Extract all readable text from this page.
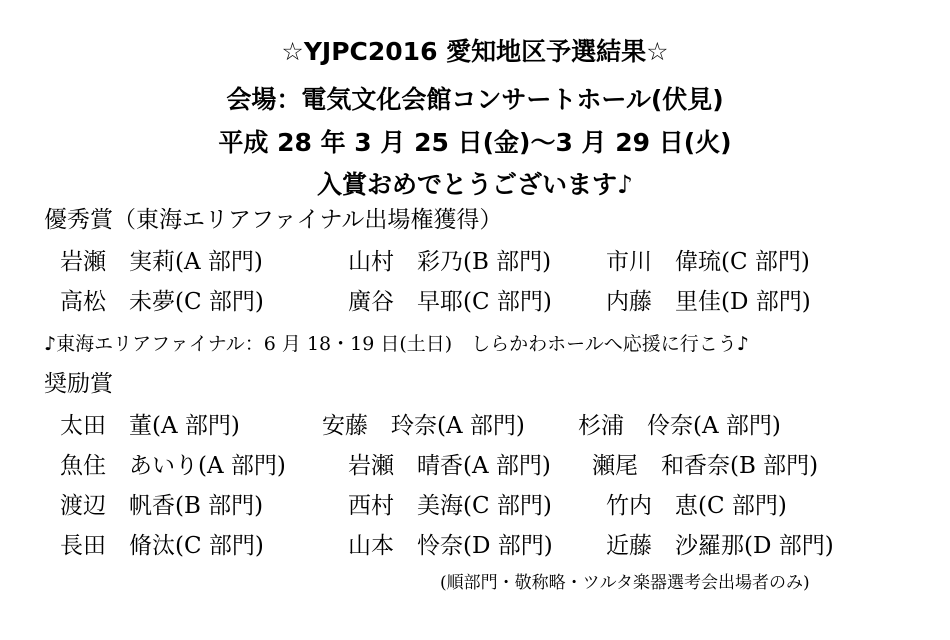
☆YJPC2016 愛知地区予選結果☆
会場：電気文化会館コンサートホール(伏見)
平成 28 年 3 月 25 日(金)～3 月 29 日(火)
入賞おめでとうございます♪
優秀賞（東海エリアファイナル出場権獲得）
岩瀬　実莉(A 部門)	山村　彩乃(B 部門) 市川　偉琉(C 部門)
高松　未夢(C 部門)	廣谷　早耶(C 部門) 内藤　里佳(D 部門)
♪東海エリアファイナル：6 月 18・19 日(土日)　しらかわホールへ応援に行こう♪
奨励賞
太田　董(A 部門)	安藤　玲奈(A 部門) 杉浦　伶奈(A 部門)
魚住　あいり(A 部門)	岩瀬　晴香(A 部門) 瀬尾　和香奈(B 部門)
渡辺　帆香(B 部門)	西村　美海(C 部門) 竹内　恵(C 部門)
長田　脩汰(C 部門)	山本　怜奈(D 部門) 近藤　沙羅那(D 部門)
(順部門・敬称略・ツルタ楽器選考会出場者のみ)
